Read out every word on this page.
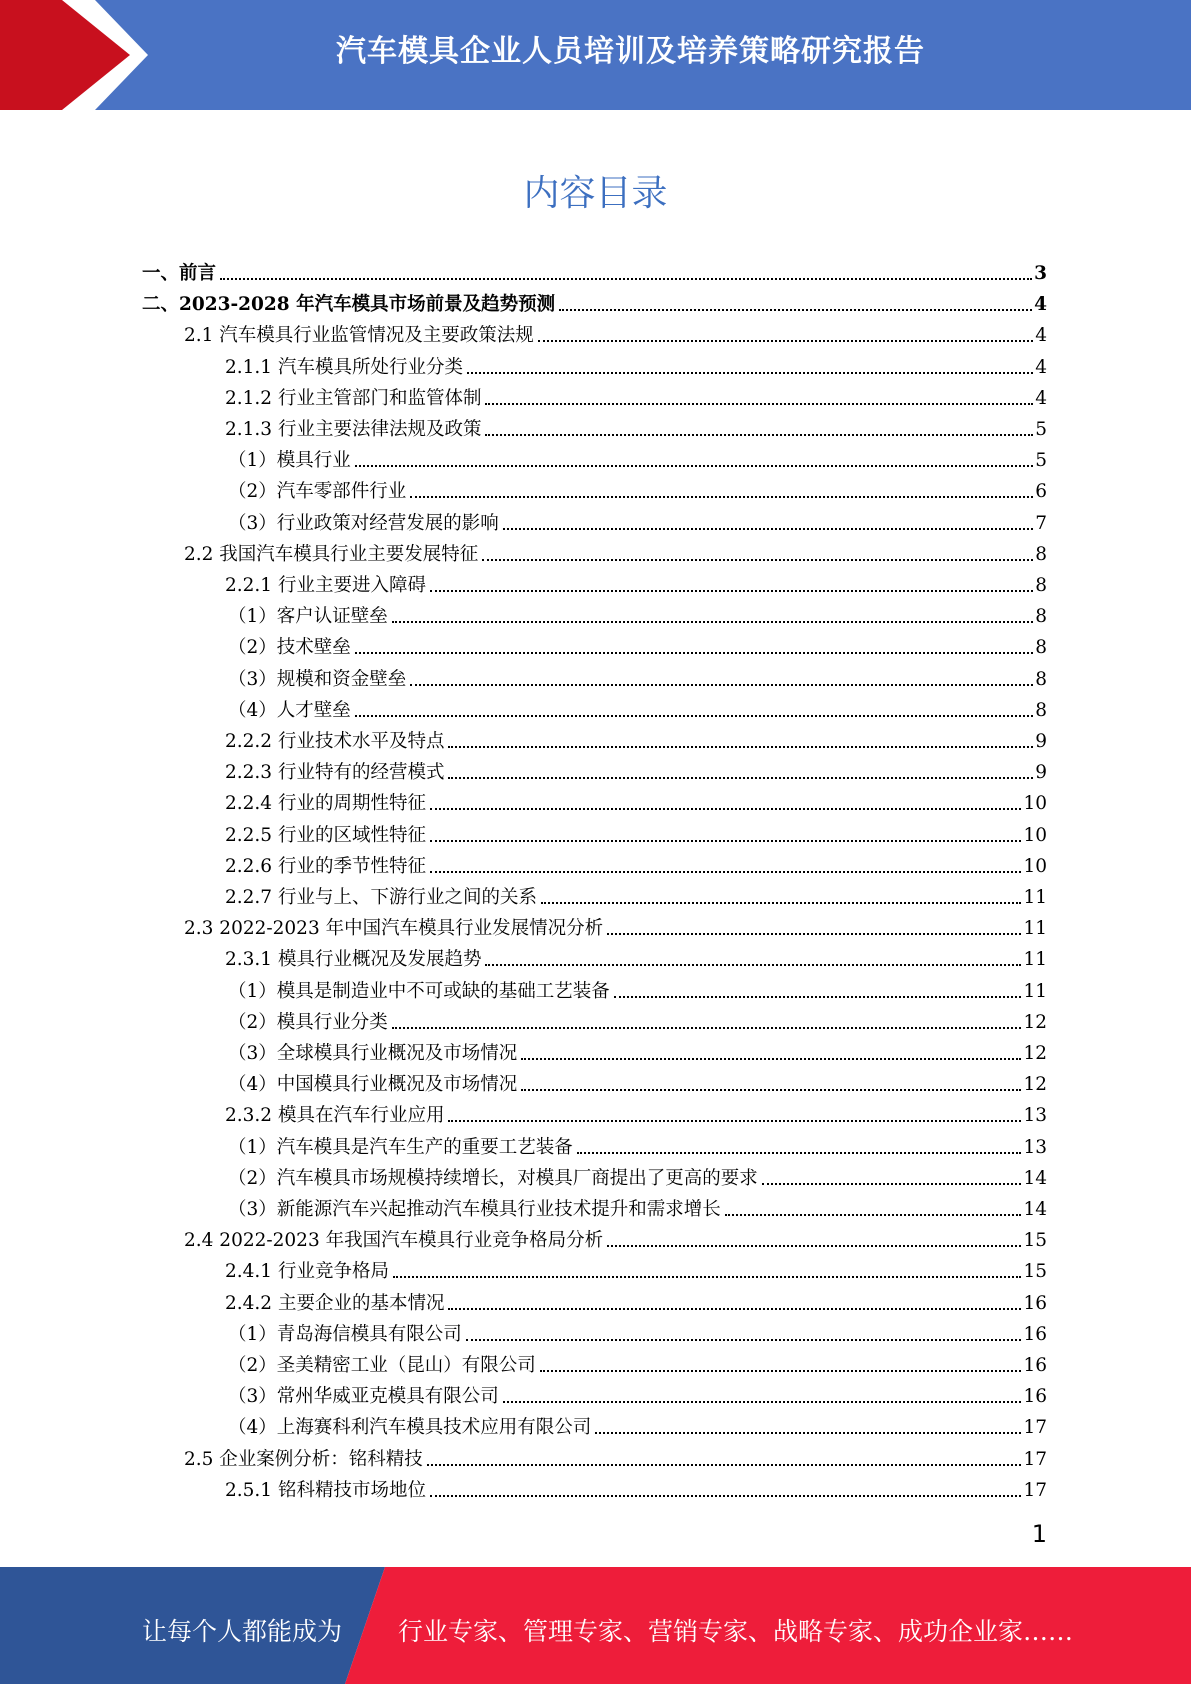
汽车模具企业人员培训及培养策略研究报告
内容目录
一、前言	3
二、2023-2028 年汽车模具市场前景及趋势预测	4
2.1 汽车模具行业监管情况及主要政策法规	4
2.1.1 汽车模具所处行业分类	4
2.1.2 行业主管部门和监管体制	4
2.1.3 行业主要法律法规及政策	5
（1）模具行业	5
（2）汽车零部件行业	6
（3）行业政策对经营发展的影响	7
2.2 我国汽车模具行业主要发展特征	8
2.2.1 行业主要进入障碍	8
（1）客户认证壁垒	8
（2）技术壁垒	8
（3）规模和资金壁垒	8
（4）人才壁垒	8
2.2.2 行业技术水平及特点	9
2.2.3 行业特有的经营模式	9
2.2.4 行业的周期性特征	10
2.2.5 行业的区域性特征	10
2.2.6 行业的季节性特征	10
2.2.7 行业与上、下游行业之间的关系	11
2.3 2022-2023 年中国汽车模具行业发展情况分析	11
2.3.1 模具行业概况及发展趋势	11
（1）模具是制造业中不可或缺的基础工艺装备	11
（2）模具行业分类	12
（3）全球模具行业概况及市场情况	12
（4）中国模具行业概况及市场情况	12
2.3.2 模具在汽车行业应用	13
（1）汽车模具是汽车生产的重要工艺装备	13
（2）汽车模具市场规模持续增长，对模具厂商提出了更高的要求	14
（3）新能源汽车兴起推动汽车模具行业技术提升和需求增长	14
2.4 2022-2023 年我国汽车模具行业竞争格局分析	15
2.4.1 行业竞争格局	15
2.4.2 主要企业的基本情况	16
（1）青岛海信模具有限公司	16
（2）圣美精密工业（昆山）有限公司	16
（3）常州华威亚克模具有限公司	16
（4）上海赛科利汽车模具技术应用有限公司	17
2.5 企业案例分析：铭科精技	17
2.5.1 铭科精技市场地位	17
1
让每个人都能成为 行业专家、管理专家、营销专家、战略专家、成功企业家……
